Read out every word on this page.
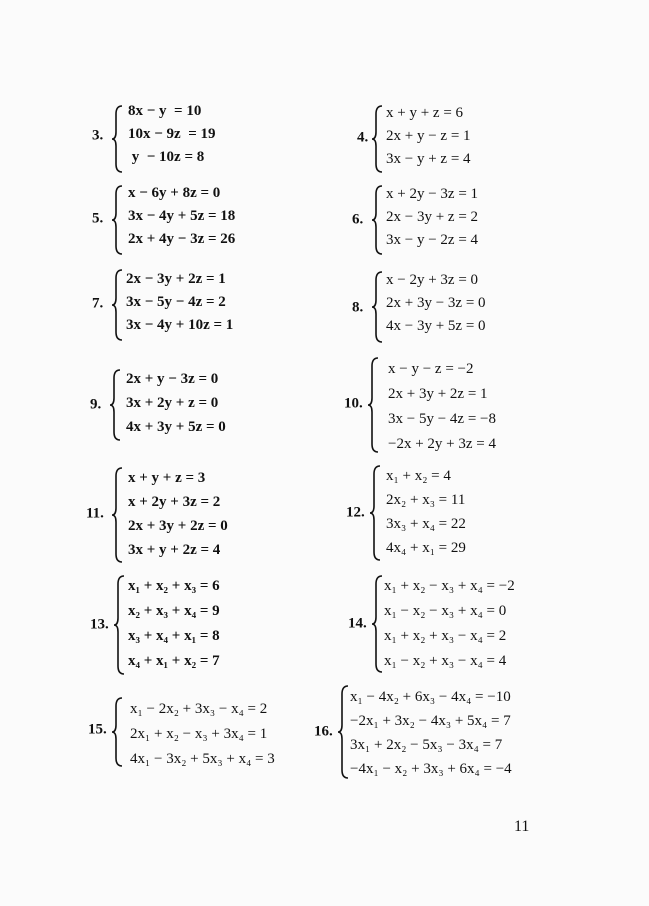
3.
8x − y  = 10
10x − 9z  = 19
y  − 10z = 8
4.
x + y + z = 6
2x + y − z = 1
3x − y + z = 4
5.
x − 6y + 8z = 0
3x − 4y + 5z = 18
2x + 4y − 3z = 26
6.
x + 2y − 3z = 1
2x − 3y + z = 2
3x − y − 2z = 4
7.
2x − 3y + 2z = 1
3x − 5y − 4z = 2
3x − 4y + 10z = 1
8.
x − 2y + 3z = 0
2x + 3y − 3z = 0
4x − 3y + 5z = 0
9.
2x + y − 3z = 0
3x + 2y + z = 0
4x + 3y + 5z = 0
10.
x − y − z = −2
2x + 3y + 2z = 1
3x − 5y − 4z = −8
−2x + 2y + 3z = 4
11.
x + y + z = 3
x + 2y + 3z = 2
2x + 3y + 2z = 0
3x + y + 2z = 4
12.
x₁ + x₂ = 4
2x₂ + x₃ = 11
3x₃ + x₄ = 22
4x₄ + x₁ = 29
13.
x₁ + x₂ + x₃ = 6
x₂ + x₃ + x₄ = 9
x₃ + x₄ + x₁ = 8
x₄ + x₁ + x₂ = 7
14.
x₁ + x₂ − x₃ + x₄ = −2
x₁ − x₂ − x₃ + x₄ = 0
x₁ + x₂ + x₃ − x₄ = 2
x₁ − x₂ + x₃ − x₄ = 4
15.
x₁ − 2x₂ + 3x₃ − x₄ = 2
2x₁ + x₂ − x₃ + 3x₄ = 1
4x₁ − 3x₂ + 5x₃ + x₄ = 3
16.
x₁ − 4x₂ + 6x₃ − 4x₄ = −10
−2x₁ + 3x₂ − 4x₃ + 5x₄ = 7
3x₁ + 2x₂ − 5x₃ − 3x₄ = 7
−4x₁ − x₂ + 3x₃ + 6x₄ = −4
11
